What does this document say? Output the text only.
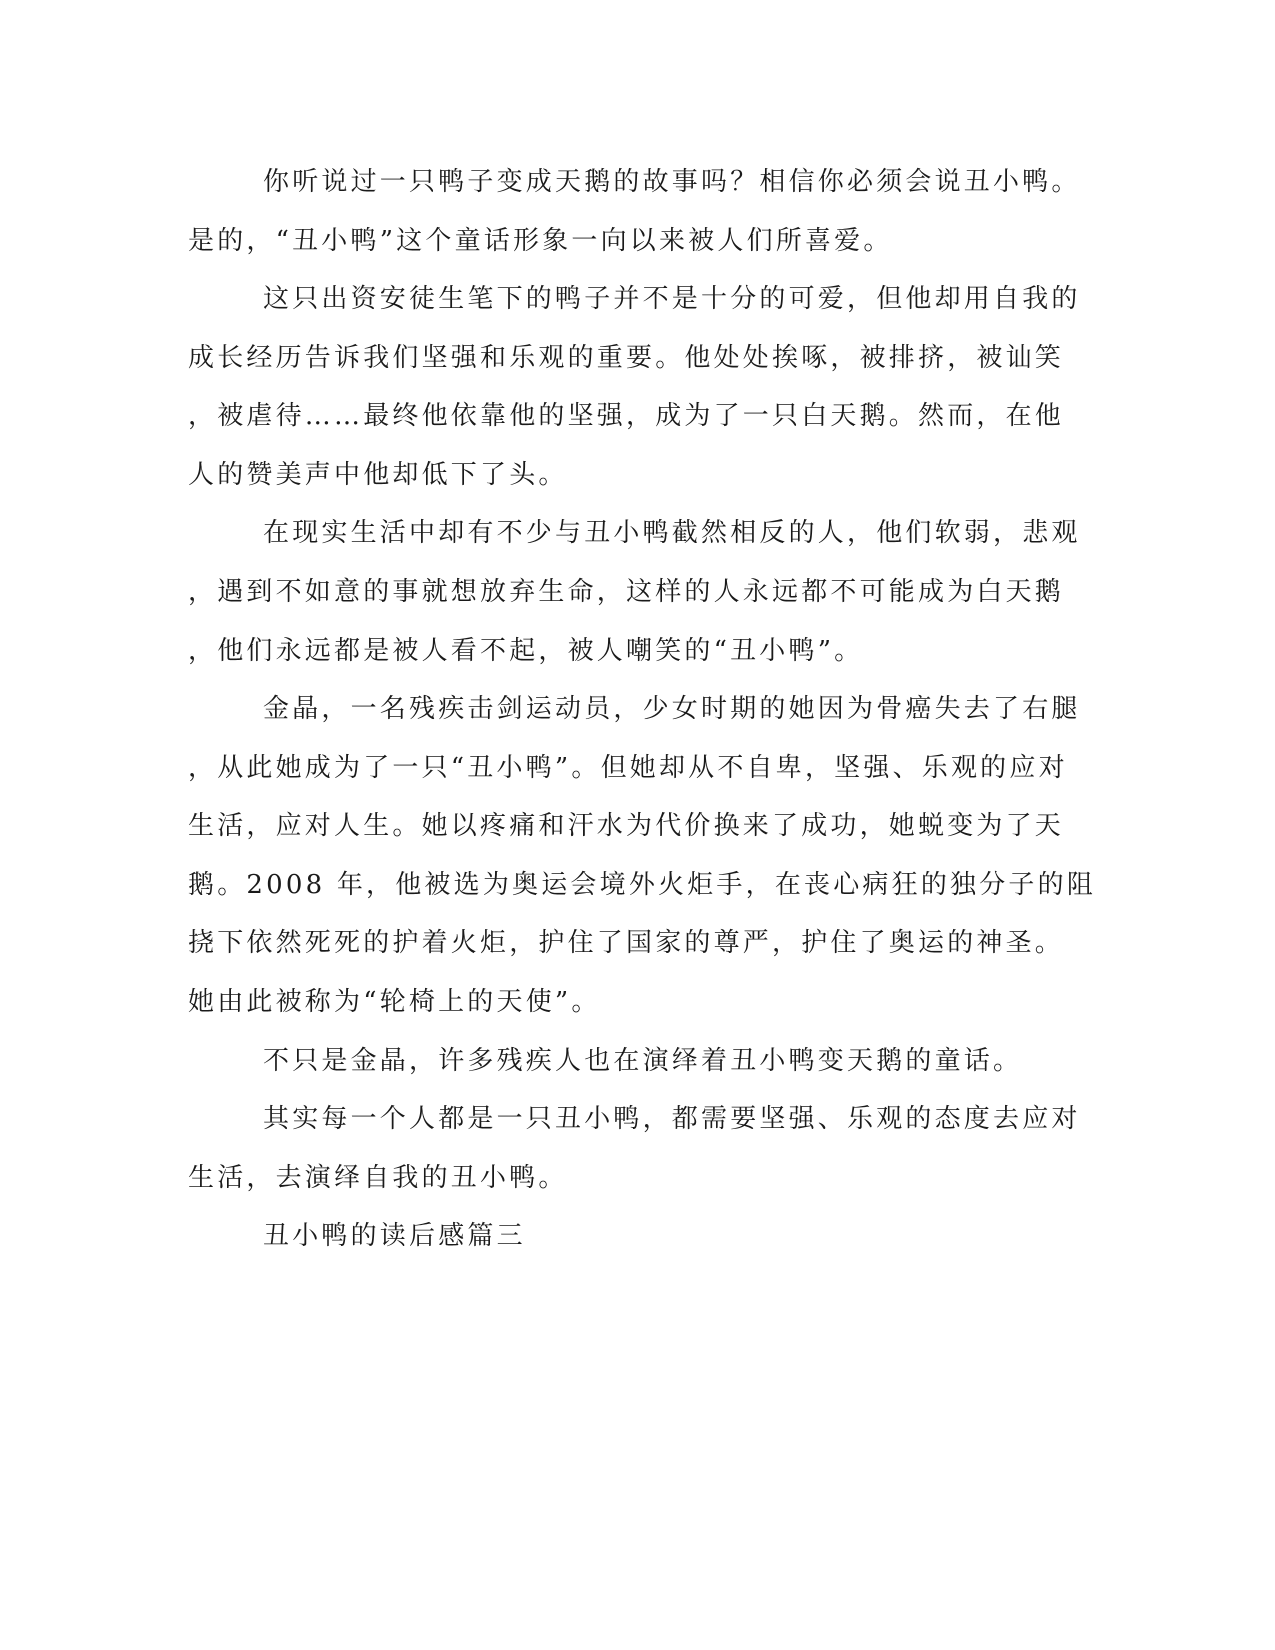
你听说过一只鸭子变成天鹅的故事吗？相信你必须会说丑小鸭。
是的，“丑小鸭”这个童话形象一向以来被人们所喜爱。
这只出资安徒生笔下的鸭子并不是十分的可爱，但他却用自我的
成长经历告诉我们坚强和乐观的重要。他处处挨啄，被排挤，被讪笑
，被虐待……最终他依靠他的坚强，成为了一只白天鹅。然而，在他
人的赞美声中他却低下了头。
在现实生活中却有不少与丑小鸭截然相反的人，他们软弱，悲观
，遇到不如意的事就想放弃生命，这样的人永远都不可能成为白天鹅
，他们永远都是被人看不起，被人嘲笑的“丑小鸭”。
金晶，一名残疾击剑运动员，少女时期的她因为骨癌失去了右腿
，从此她成为了一只“丑小鸭”。但她却从不自卑，坚强、乐观的应对
生活，应对人生。她以疼痛和汗水为代价换来了成功，她蜕变为了天
鹅。2008 年，他被选为奥运会境外火炬手，在丧心病狂的独分子的阻
挠下依然死死的护着火炬，护住了国家的尊严，护住了奥运的神圣。
她由此被称为“轮椅上的天使”。
不只是金晶，许多残疾人也在演绎着丑小鸭变天鹅的童话。
其实每一个人都是一只丑小鸭，都需要坚强、乐观的态度去应对
生活，去演绎自我的丑小鸭。
丑小鸭的读后感篇三
